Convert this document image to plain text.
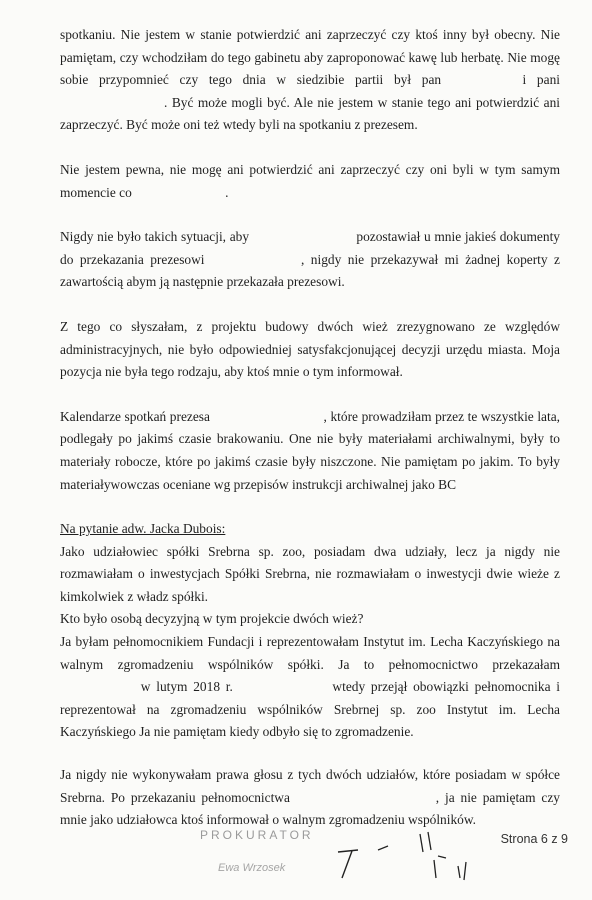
spotkaniu. Nie jestem w stanie potwierdzić ani zaprzeczyć czy ktoś inny był obecny. Nie pamiętam, czy wchodziłam do tego gabinetu aby zaproponować kawę lub herbatę. Nie mogę sobie przypomnieć czy tego dnia w siedzibie partii był pan	i pani . Być może mogli być. Ale nie jestem w stanie tego ani potwierdzić ani zaprzeczyć. Być może oni też wtedy byli na spotkaniu z prezesem.

Nie jestem pewna, nie mogę ani potwierdzić ani zaprzeczyć czy oni byli w tym samym momencie co	.

Nigdy nie było takich sytuacji, aby	pozostawiał u mnie jakieś dokumenty do przekazania prezesowi	, nigdy nie przekazywał mi żadnej koperty z zawartością abym ją następnie przekazała prezesowi.

Z tego co słyszałam, z projektu budowy dwóch wież zrezygnowano ze względów administracyjnych, nie było odpowiedniej satysfakcjonującej decyzji urzędu miasta. Moja pozycja nie była tego rodzaju, aby ktoś mnie o tym informował.

Kalendarze spotkań prezesa	, które prowadziłam przez te wszystkie lata, podlegały po jakimś czasie brakowaniu. One nie były materiałami archiwalnymi, były to materiały robocze, które po jakimś czasie były niszczone. Nie pamiętam po jakim. To były materiaływowczas oceniane wg przepisów instrukcji archiwalnej jako BC

Na pytanie adw. Jacka Dubois:

Jako udziałowiec spółki Srebrna sp. zoo, posiadam dwa udziały, lecz ja nigdy nie rozmawiałam o inwestycjach Spółki Srebrna, nie rozmawiałam o inwestycji dwie wieże z kimkolwiek z władz spółki.

Kto było osobą decyzyjną w tym projekcie dwóch wież?

Ja byłam pełnomocnikiem Fundacji i reprezentowałam Instytut im. Lecha Kaczyńskiego na walnym zgromadzeniu wspólników spółki. Ja to pełnomocnictwo przekazałam  w lutym 2018 r.	wtedy przejął obowiązki pełnomocnika i reprezentował na zgromadzeniu wspólników Srebrnej sp. zoo Instytut im. Lecha Kaczyńskiego Ja nie pamiętam kiedy odbyło się to zgromadzenie.

Ja nigdy nie wykonywałam prawa głosu z tych dwóch udziałów, które posiadam w spółce Srebrna. Po przekazaniu pełnomocnictwa	, ja nie pamiętam czy mnie jako udziałowca ktoś informował o walnym zgromadzeniu wspólników.

PROKURATOR
Ewa Wrzosek
Strona 6 z 9
